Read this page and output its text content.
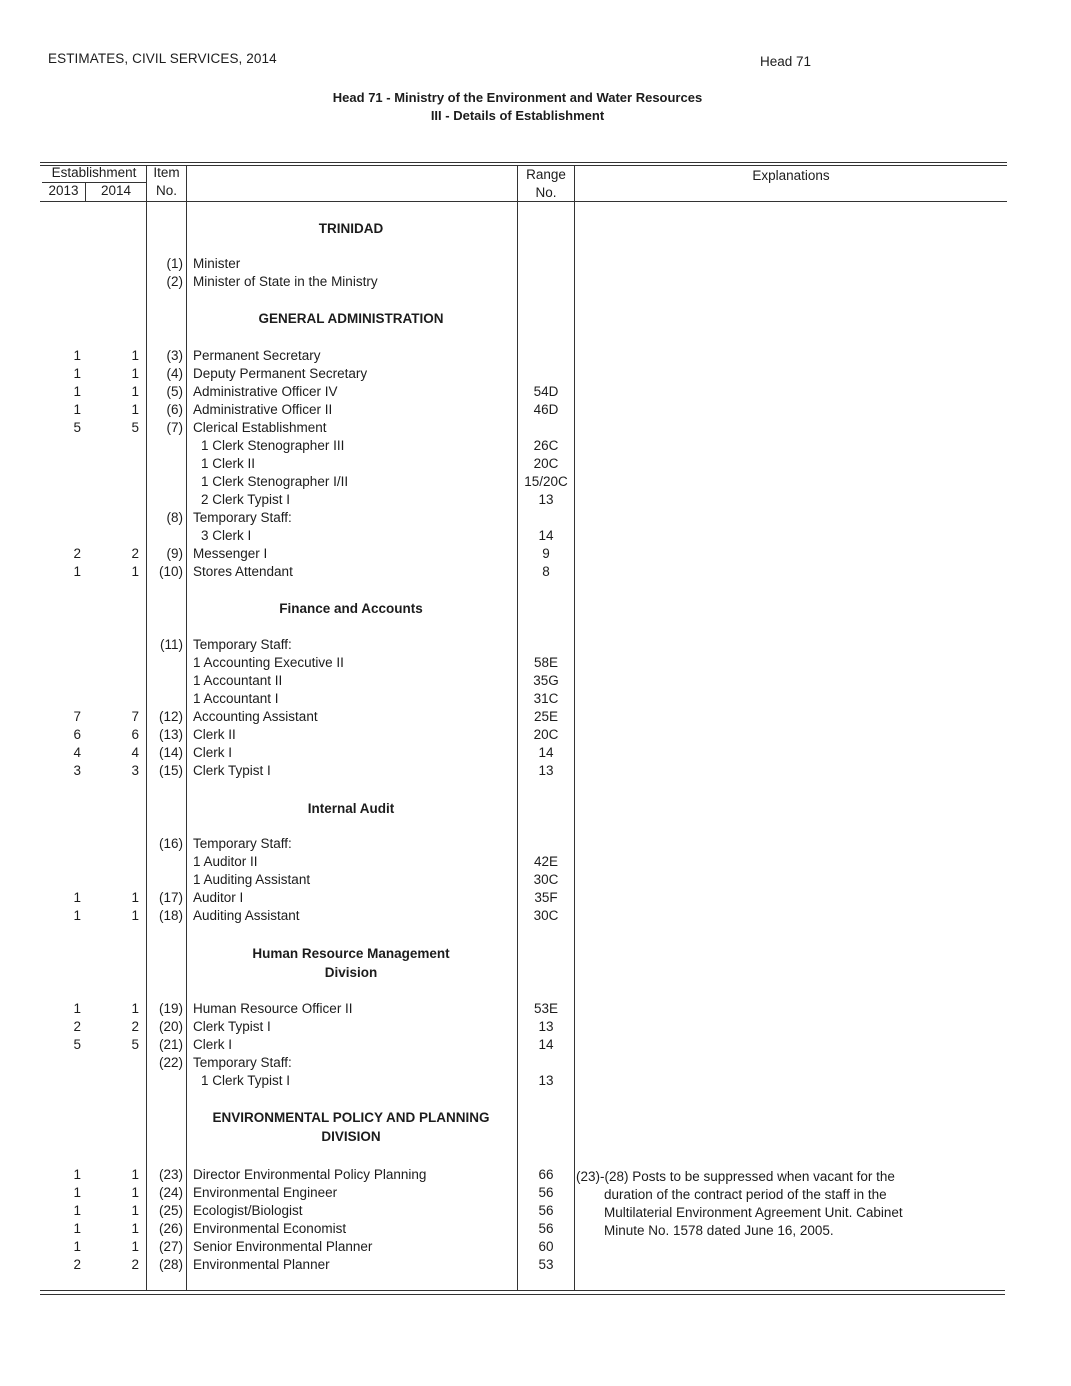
ESTIMATES, CIVIL SERVICES, 2014	Head 71
Head 71 - Ministry of the Environment and Water Resources
III - Details of Establishment
Establishment
2013	2014
Item
No.
Range
No.
Explanations
TRINIDAD
GENERAL ADMINISTRATION
Finance and Accounts
Internal Audit
Human Resource Management
Division
ENVIRONMENTAL POLICY AND PLANNING
DIVISION
(1) Minister
(2) Minister of State in the Ministry
1	1	(3) Permanent Secretary
1	1	(4) Deputy Permanent Secretary
1	1	(5) Administrative Officer IV	54D
1	1	(6) Administrative Officer II	46D
5	5	(7) Clerical Establishment
1 Clerk Stenographer III	26C
1 Clerk II	20C
1 Clerk Stenographer I/II	15/20C
2 Clerk Typist I	13
(8) Temporary Staff:
3 Clerk I	14
2	2	(9) Messenger I	9
1	1	(10) Stores Attendant	8
(11) Temporary Staff:
1 Accounting Executive II	58E
1 Accountant II	35G
1 Accountant I	31C
7	7	(12) Accounting Assistant	25E
6	6	(13) Clerk II	20C
4	4	(14) Clerk I	14
3	3	(15) Clerk Typist I	13
(16) Temporary Staff:
1 Auditor II	42E
1 Auditing Assistant	30C
1	1	(17) Auditor I	35F
1	1	(18) Auditing Assistant	30C
1	1	(19) Human Resource Officer II	53E
2	2	(20) Clerk Typist I	13
5	5	(21) Clerk I	14
(22) Temporary Staff:
1 Clerk Typist I	13
1	1	(23) Director Environmental Policy Planning	66
1	1	(24) Environmental Engineer	56
1	1	(25) Ecologist/Biologist	56
1	1	(26) Environmental Economist	56
1	1	(27) Senior Environmental Planner	60
2	2	(28) Environmental Planner	53
(23)-(28) Posts to be suppressed when vacant for the
duration of the contract period of the staff in the
Multilaterial Environment Agreement Unit. Cabinet
Minute No. 1578 dated June 16, 2005.
